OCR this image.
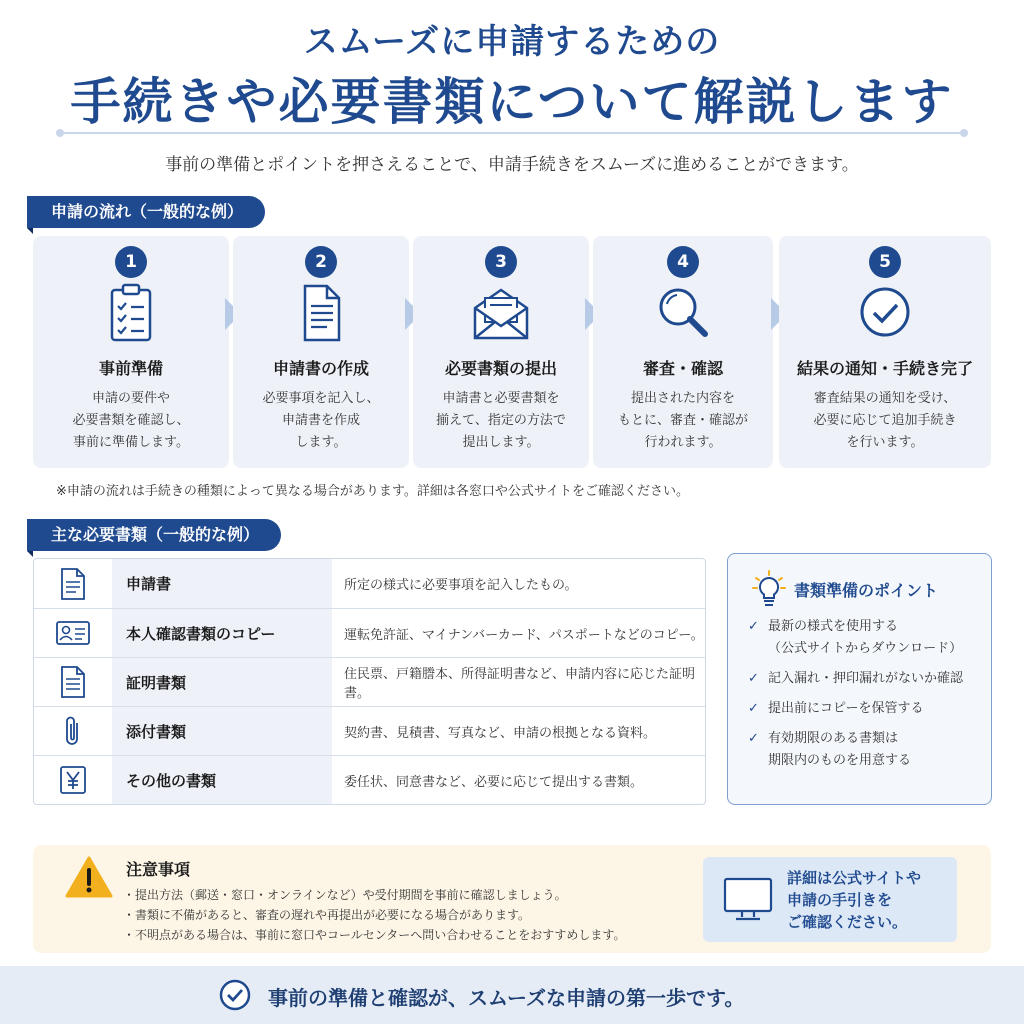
スムーズに申請するための
手続きや必要書類について解説します
事前の準備とポイントを押さえることで、申請手続きをスムーズに進めることができます。
申請の流れ（一般的な例）
1
事前準備
申請の要件や
必要書類を確認し、
事前に準備します。
2
申請書の作成
必要事項を記入し、
申請書を作成
します。
3
必要書類の提出
申請書と必要書類を
揃えて、指定の方法で
提出します。
4
審査・確認
提出された内容を
もとに、審査・確認が
行われます。
5
結果の通知・手続き完了
審査結果の通知を受け、
必要に応じて追加手続き
を行います。
※申請の流れは手続きの種類によって異なる場合があります。詳細は各窓口や公式サイトをご確認ください。
主な必要書類（一般的な例）
申請書	所定の様式に必要事項を記入したもの。
本人確認書類のコピー	運転免許証、マイナンバーカード、パスポートなどのコピー。
証明書類	住民票、戸籍謄本、所得証明書など、申請内容に応じた証明書。
添付書類	契約書、見積書、写真など、申請の根拠となる資料。
その他の書類	委任状、同意書など、必要に応じて提出する書類。
書類準備のポイント
✓ 最新の様式を使用する
（公式サイトからダウンロード）
✓ 記入漏れ・押印漏れがないか確認
✓ 提出前にコピーを保管する
✓ 有効期限のある書類は
期限内のものを用意する
注意事項
・提出方法（郵送・窓口・オンラインなど）や受付期間を事前に確認しましょう。
・書類に不備があると、審査の遅れや再提出が必要になる場合があります。
・不明点がある場合は、事前に窓口やコールセンターへ問い合わせることをおすすめします。
詳細は公式サイトや
申請の手引きを
ご確認ください。
事前の準備と確認が、スムーズな申請の第一歩です。
